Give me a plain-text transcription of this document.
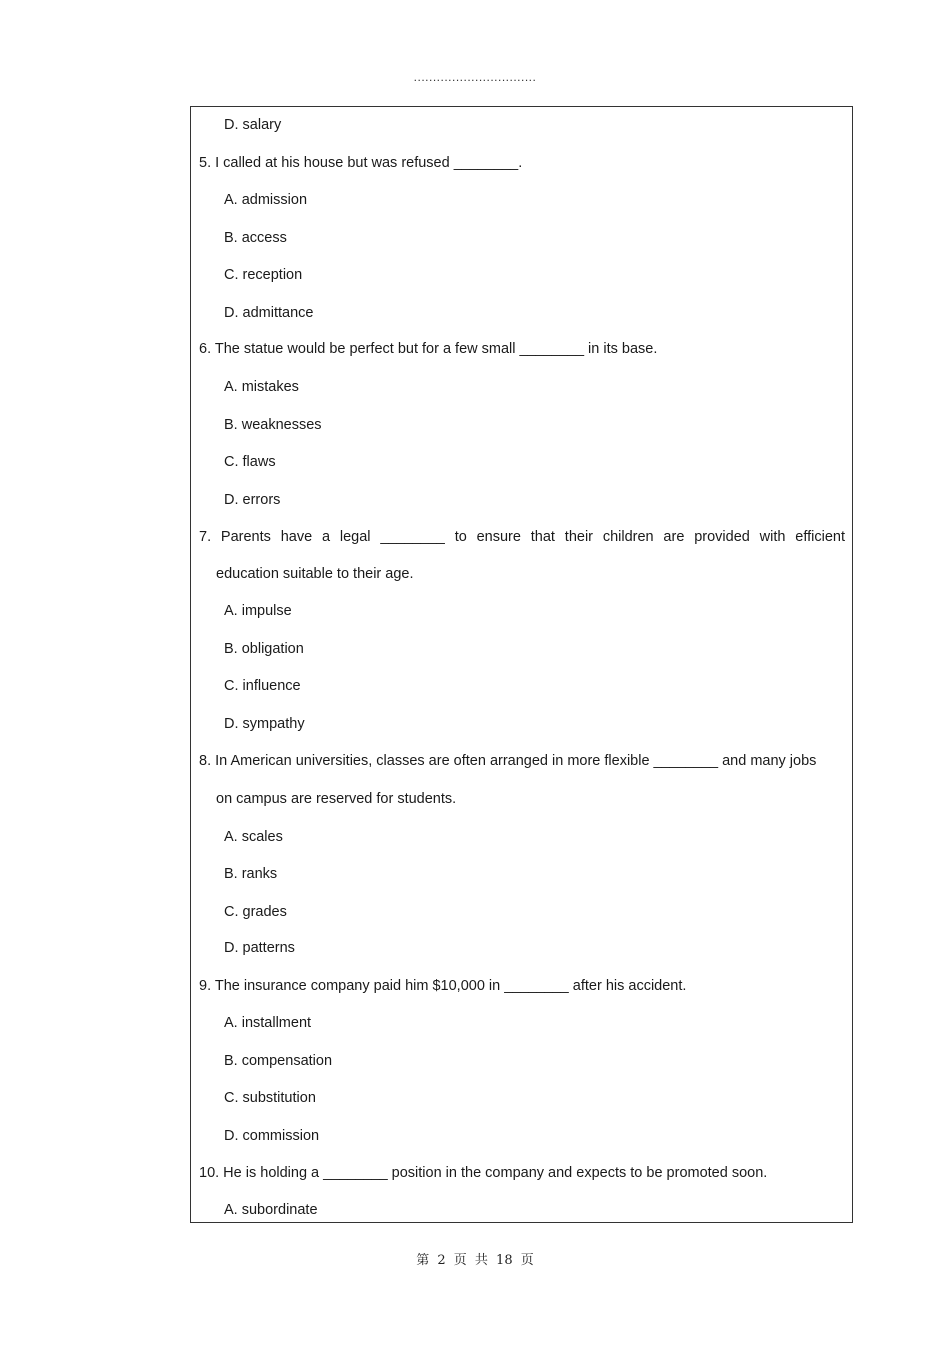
................................
D. salary
5. I called at his house but was refused ________.
A. admission
B. access
C. reception
D. admittance
6. The statue would be perfect but for a few small ________ in its base.
A. mistakes
B. weaknesses
C. flaws
D. errors
7. Parents have a legal ________ to ensure that their children are provided with efficient
education suitable to their age.
A. impulse
B. obligation
C. influence
D. sympathy
8. In American universities, classes are often arranged in more flexible ________ and many jobs
on campus are reserved for students.
A. scales
B. ranks
C. grades
D. patterns
9. The insurance company paid him $10,000 in ________ after his accident.
A. installment
B. compensation
C. substitution
D. commission
10. He is holding a ________ position in the company and expects to be promoted soon.
A. subordinate
第 2 页 共 18 页
